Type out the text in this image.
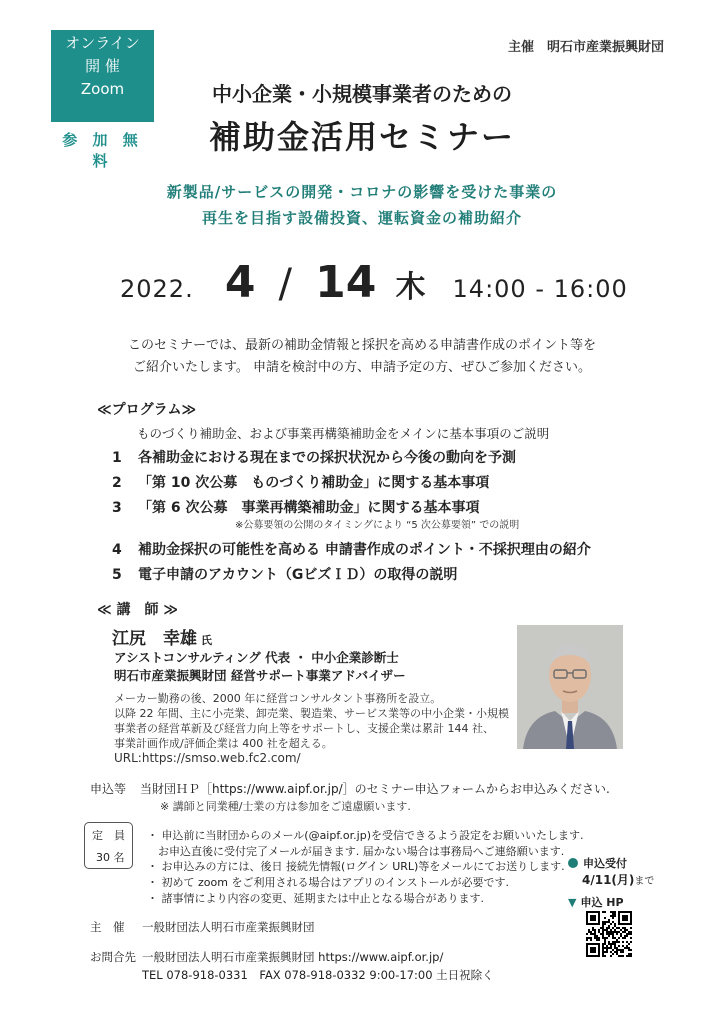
オンライン
開 催
Zoom
参 加 無 料
主催　明石市産業振興財団
中小企業・小規模事業者のための
補助金活用セミナー
新製品/サービスの開発・コロナの影響を受けた事業の
再生を目指す設備投資、運転資金の補助紹介
2022. 4 / 14 木 14:00 - 16:00
このセミナーでは、最新の補助金情報と採択を高める申請書作成のポイント等を
ご紹介いたします。 申請を検討中の方、申請予定の方、ぜひご参加ください。
≪プログラム≫
ものづくり補助金、および事業再構築補助金をメインに基本事項のご説明
1 各補助金における現在までの採択状況から今後の動向を予測
2 「第 10 次公募　ものづくり補助金」に関する基本事項
3 「第 6 次公募　事業再構築補助金」に関する基本事項
※公募要領の公開のタイミングにより “5 次公募要領” での説明
4 補助金採択の可能性を高める 申請書作成のポイント・不採択理由の紹介
5 電子申請のアカウント（GビズＩＤ）の取得の説明
≪ 講　師 ≫
江尻　幸雄 氏
アシストコンサルティング 代表 ・ 中小企業診断士
明石市産業振興財団 経営サポート事業アドバイザー
メーカー勤務の後、2000 年に経営コンサルタント事務所を設立。
以降 22 年間、主に小売業、卸売業、製造業、サービス業等の中小企業・小規模
事業者の経営革新及び経営力向上等をサポートし、支援企業は累計 144 社、
事業計画作成/評価企業は 400 社を超える。
URL:https://smso.web.fc2.com/
申込等 当財団ＨＰ［https://www.aipf.or.jp/］のセミナー申込フォームからお申込みください.
※ 講師と同業種/士業の方は参加をご遠慮願います.
定　員
30 名
・ 申込前に当財団からのメール(@aipf.or.jp)を受信できるよう設定をお願いいたします.
　お申込直後に受付完了メールが届きます. 届かない場合は事務局へご連絡願います.
・ お申込みの方には、後日 接続先情報(ログイン URL)等をメールにてお送りします.
・ 初めて zoom をご利用される場合はアプリのインストールが必要です.
・ 諸事情により内容の変更、延期または中止となる場合があります.
申込受付
4/11(月)まで
▼ 申込 HP
主　催 一般財団法人明石市産業振興財団
お問合先 一般財団法人明石市産業振興財団 https://www.aipf.or.jp/
TEL 078-918-0331　FAX 078-918-0332 9:00-17:00 土日祝除く
